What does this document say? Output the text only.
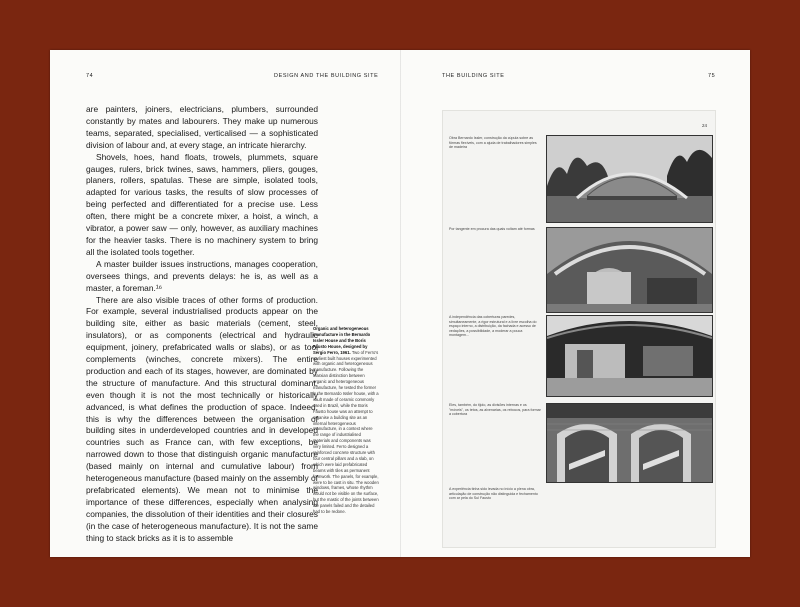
74	DESIGN AND THE BUILDING SITE

are painters, joiners, electricians, plumbers, surrounded constantly by mates and labourers. They make up numerous teams, separated, specialised, verticalised — a sophisticated division of labour and, at every stage, an intricate hierarchy.

Shovels, hoes, hand floats, trowels, plummets, square gauges, rulers, brick twines, saws, hammers, pliers, gouges, planers, rollers, spatulas. These are simple, isolated tools, adapted for various tasks, the results of slow processes of being perfected and differentiated for a precise use. Less often, there might be a concrete mixer, a hoist, a winch, a vibrator, a power saw — only, however, as auxiliary machines for the heavier tasks. There is no machinery system to bring all the isolated tools together.

A master builder issues instructions, manages cooperation, oversees things, and prevents delays: he is, as well as a master, a foreman.¹⁶

There are also visible traces of other forms of production. For example, several industrialised products appear on the building site, either as basic materials (cement, steel, insulators), or as components (electrical and hydraulic equipment, joinery, prefabricated walls or slabs), or as tool complements (winches, concrete mixers). The entire production and each of its stages, however, are dominated by the structure of manufacture. And this structural dominant, even though it is not the most technically or historically advanced, is what defines the production of space. Indeed, this is why the differences between the organisation of building sites in underdeveloped countries and in developed countries such as France can, with few exceptions, be narrowed down to those that distinguish organic manufacture (based mainly on internal and cumulative labour) from heterogeneous manufacture (based mainly on the assembly of prefabricated elements). We mean not to minimise the importance of these differences, especially when analysing companies, the dissolution of their identities and their closures (in the case of heterogeneous manufacture). It is not the same thing to stack bricks as it is to assemble

Organic and heterogeneous manufacture in the Bernardo Issler House and the Boris Fausto House, designed by Sérgio Ferro, 1961. Two of Ferro's earliest built houses experimented with organic and heterogeneous manufacture. Following the Marxian distinction between organic and heterogeneous manufacture, he tested the former in the Bernardo Issler house, with a vault made of ceramic commonly used in Brazil, while the Boris Fausto house was an attempt to organise a building site as an internal heterogeneous manufacture, in a context where the range of industrialised materials and components was very limited. Ferro designed a reinforced concrete structure with four central pillars and a slab, on which were laid prefabricated beams with tiles as permanent formwork. The panels, for example, were to be cast in situ. The wooden windows, frames, whose rhythm would not be visible on the surface, but the mastic of the joints between the panels failed and the detailed had to be redone.
THE BUILDING SITE	75
24
Obra Bernardo Issler, construção da cúpula sobre as fôrmas flexíveis, com a ajuda de trabalhadores simples de madeira
Por tangente em procura das quais voltam até formas
A independência das coberturas paredes, simultaneamente, a rigor estrutural e a livre escolha do espaço interno, a distribuição, da fachada e acesso de vedações, a possibilidade, a moderar a pouca montagem...
Eles, também, do tijolo, as divisões internas e os "móveis", os tetos, as alvenarias, os rebocos, para formar a cobertura
A experiência tinha sido levada no início a plena obra, articulação de construção não distinguida e fechamento com ar pela do Sul Fausto
